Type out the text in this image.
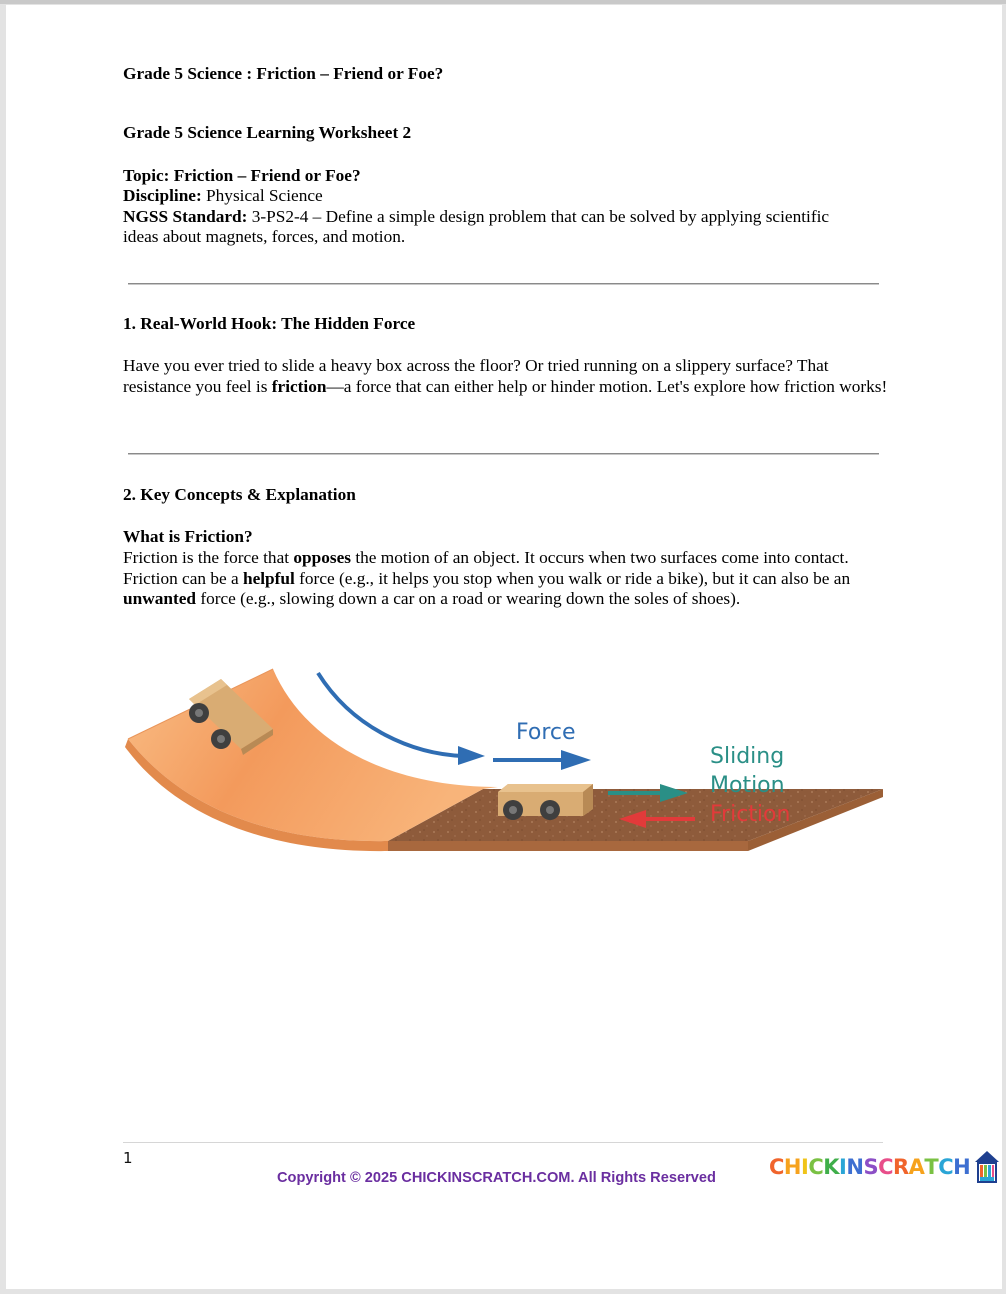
Grade 5 Science : Friction – Friend or Foe?
Grade 5 Science Learning Worksheet 2
Topic: Friction – Friend or Foe?
Discipline: Physical Science
NGSS Standard: 3-PS2-4 – Define a simple design problem that can be solved by applying scientific
ideas about magnets, forces, and motion.
1. Real-World Hook: The Hidden Force
Have you ever tried to slide a heavy box across the floor? Or tried running on a slippery surface? That resistance you feel is friction—a force that can either help or hinder motion. Let's explore how friction works!
2. Key Concepts & Explanation
What is Friction?
Friction is the force that opposes the motion of an object. It occurs when two surfaces come into contact. Friction can be a helpful force (e.g., it helps you stop when you walk or ride a bike), but it can also be an unwanted force (e.g., slowing down a car on a road or wearing down the soles of shoes).
Force
Sliding
Motion
Friction
1
Copyright © 2025 CHICKINSCRATCH.COM. All Rights Reserved	CHICKINSCRATCH
